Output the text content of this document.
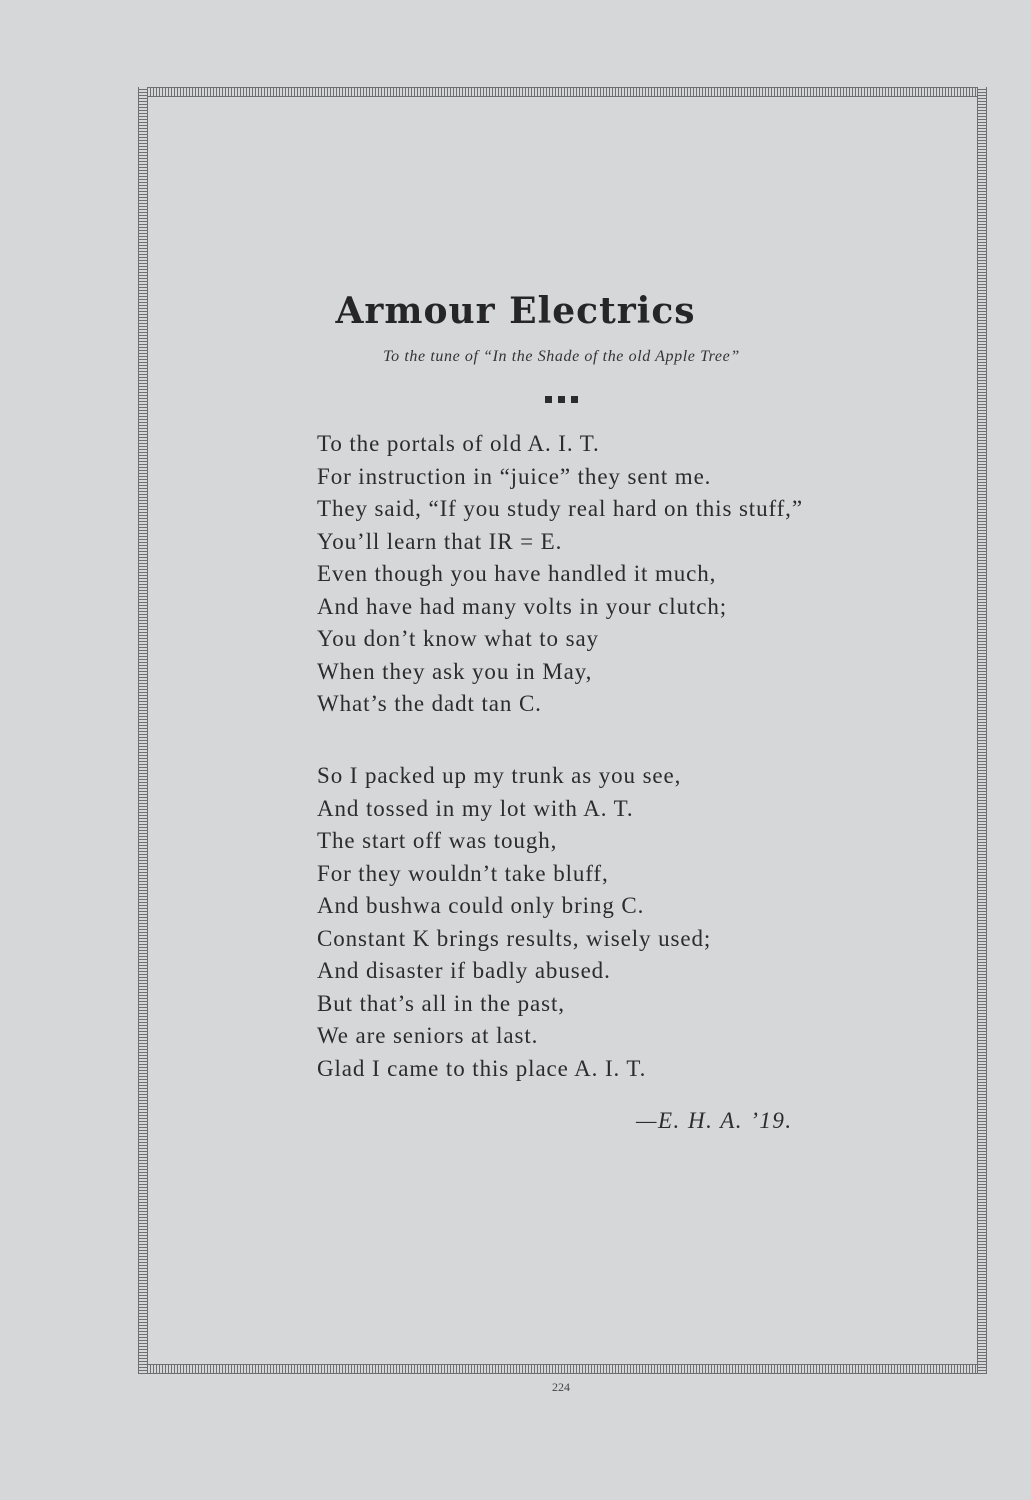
Armour Electrics

To the tune of “In the Shade of the old Apple Tree”

To the portals of old A. I. T.
For instruction in “juice” they sent me.
They said, “If you study real hard on this stuff,”
You’ll learn that IR = E.
Even though you have handled it much,
And have had many volts in your clutch;
You don’t know what to say
When they ask you in May,
What’s the dadt tan C.
So I packed up my trunk as you see,
And tossed in my lot with A. T.
The start off was tough,
For they wouldn’t take bluff,
And bushwa could only bring C.
Constant K brings results, wisely used;
And disaster if badly abused.
But that’s all in the past,
We are seniors at last.
Glad I came to this place A. I. T.
—E. H. A. ’19.
224
